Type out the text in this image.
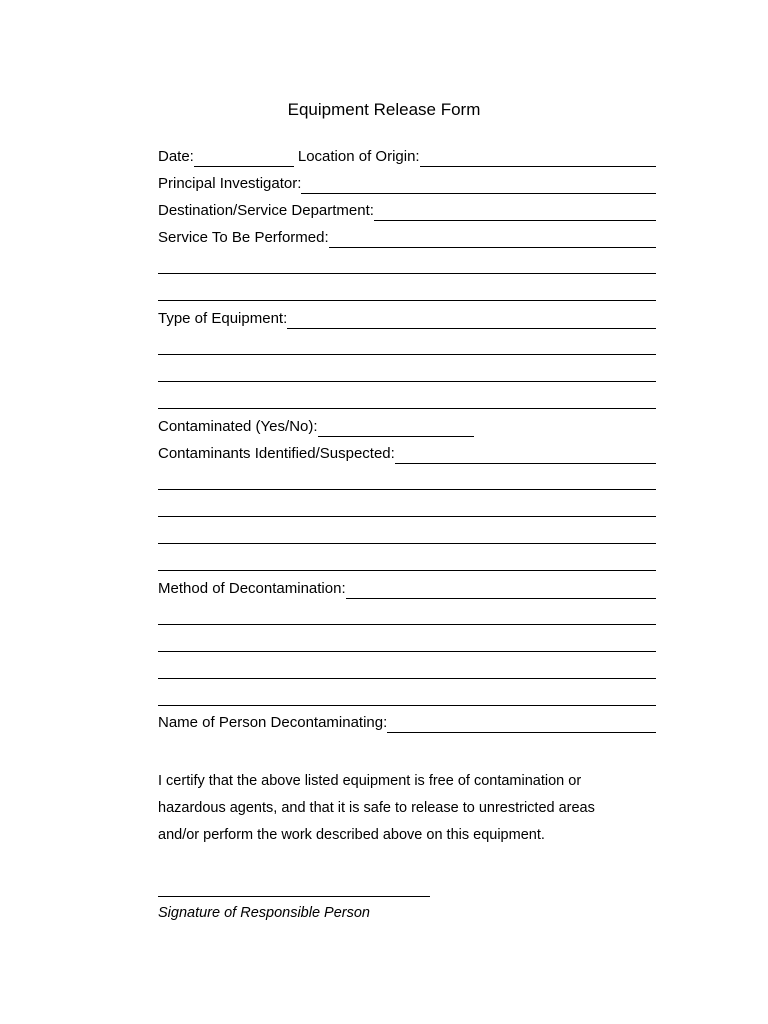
Equipment Release Form
Date:	Location of Origin:
Principal Investigator:
Destination/Service Department:
Service To Be Performed:
Type of Equipment:
Contaminated (Yes/No):
Contaminants Identified/Suspected:
Method of Decontamination:
Name of Person Decontaminating:

I certify that the above listed equipment is free of contamination or

hazardous agents, and that it is safe to release to unrestricted areas

and/or perform the work described above on this equipment.

Signature of Responsible Person
